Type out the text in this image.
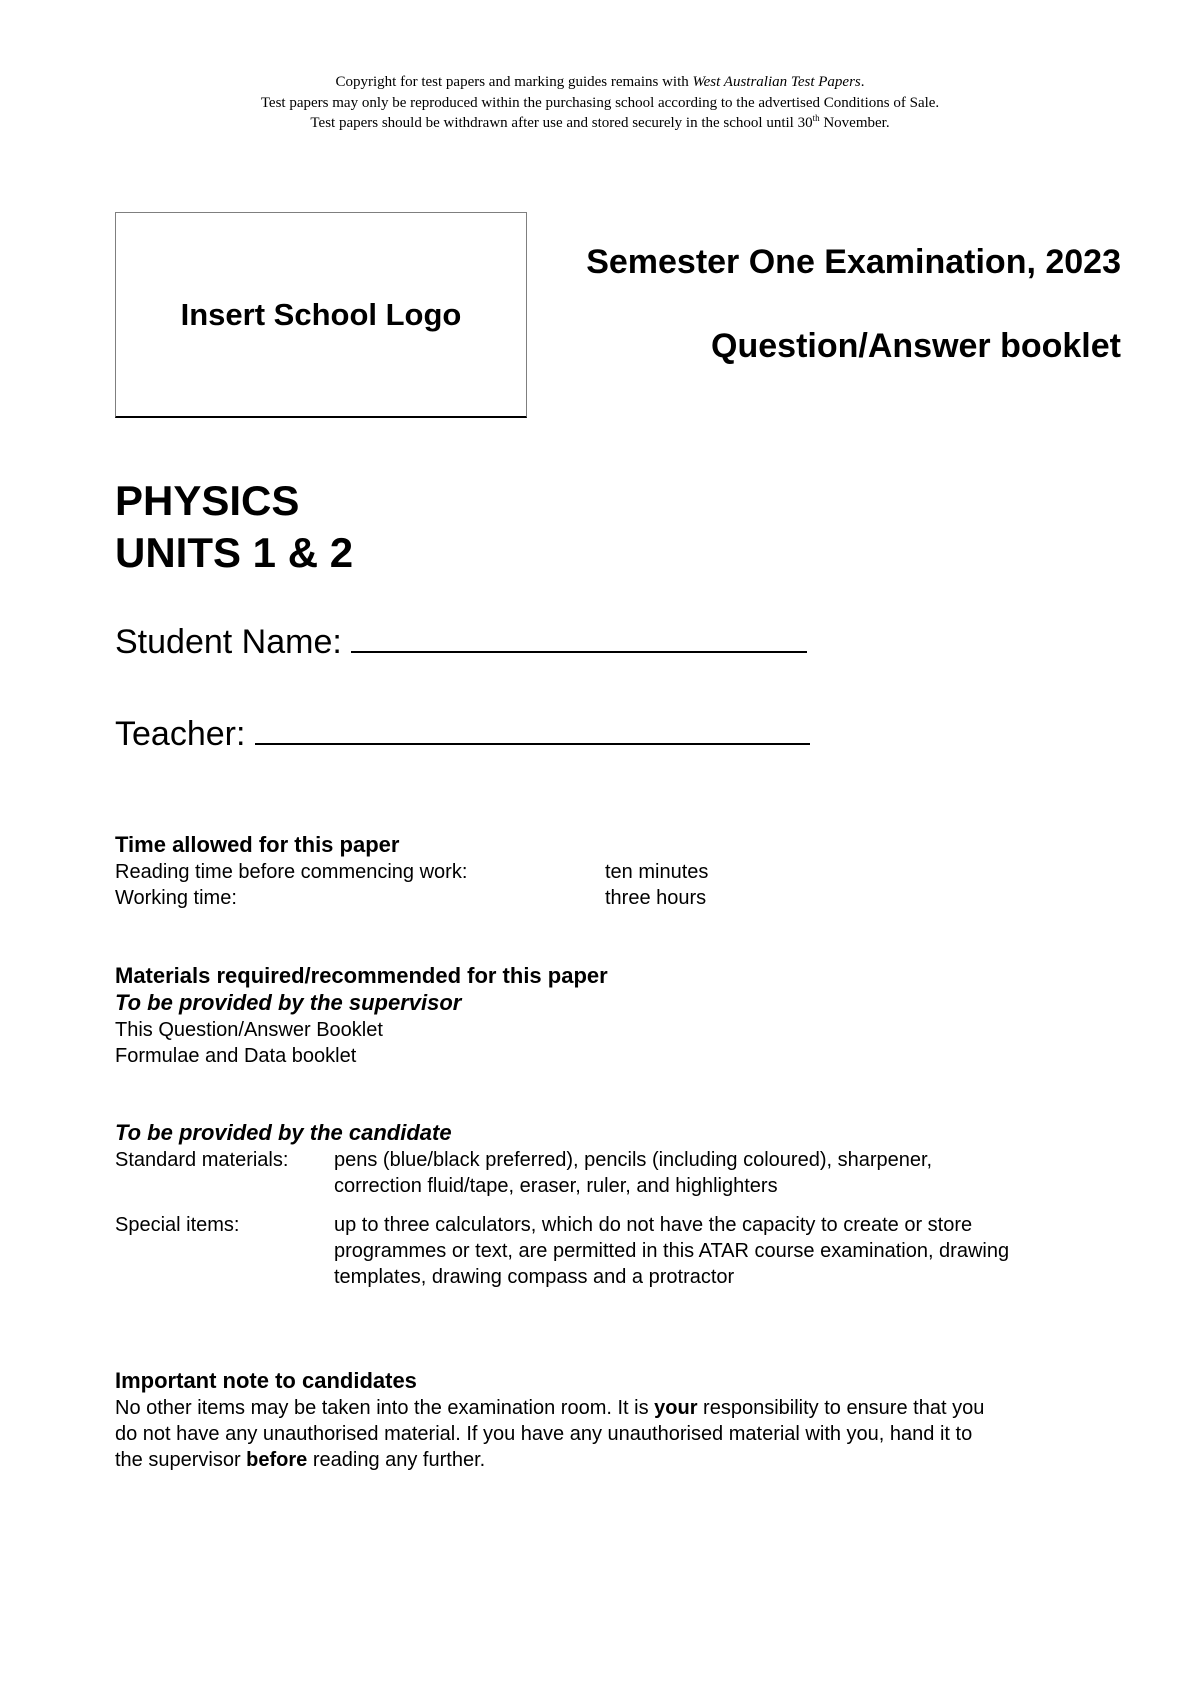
Copyright for test papers and marking guides remains with West Australian Test Papers.

Test papers may only be reproduced within the purchasing school according to the advertised Conditions of Sale.

Test papers should be withdrawn after use and stored securely in the school until 30th November.

Insert School Logo
Semester One Examination, 2023
Question/Answer booklet
PHYSICS
UNITS 1 & 2
Student Name:
Teacher:
Time allowed for this paper
Reading time before commencing work:	ten minutes
Working time:	three hours
Materials required/recommended for this paper
To be provided by the supervisor
This Question/Answer Booklet
Formulae and Data booklet
To be provided by the candidate
Standard materials: pens (blue/black preferred), pencils (including coloured), sharpener,

correction fluid/tape, eraser, ruler, and highlighters

Special items:	up to three calculators, which do not have the capacity to create or store

programmes or text, are permitted in this ATAR course examination, drawing

templates, drawing compass and a protractor

Important note to candidates

No other items may be taken into the examination room. It is your responsibility to ensure that you

do not have any unauthorised material. If you have any unauthorised material with you, hand it to

the supervisor before reading any further.
